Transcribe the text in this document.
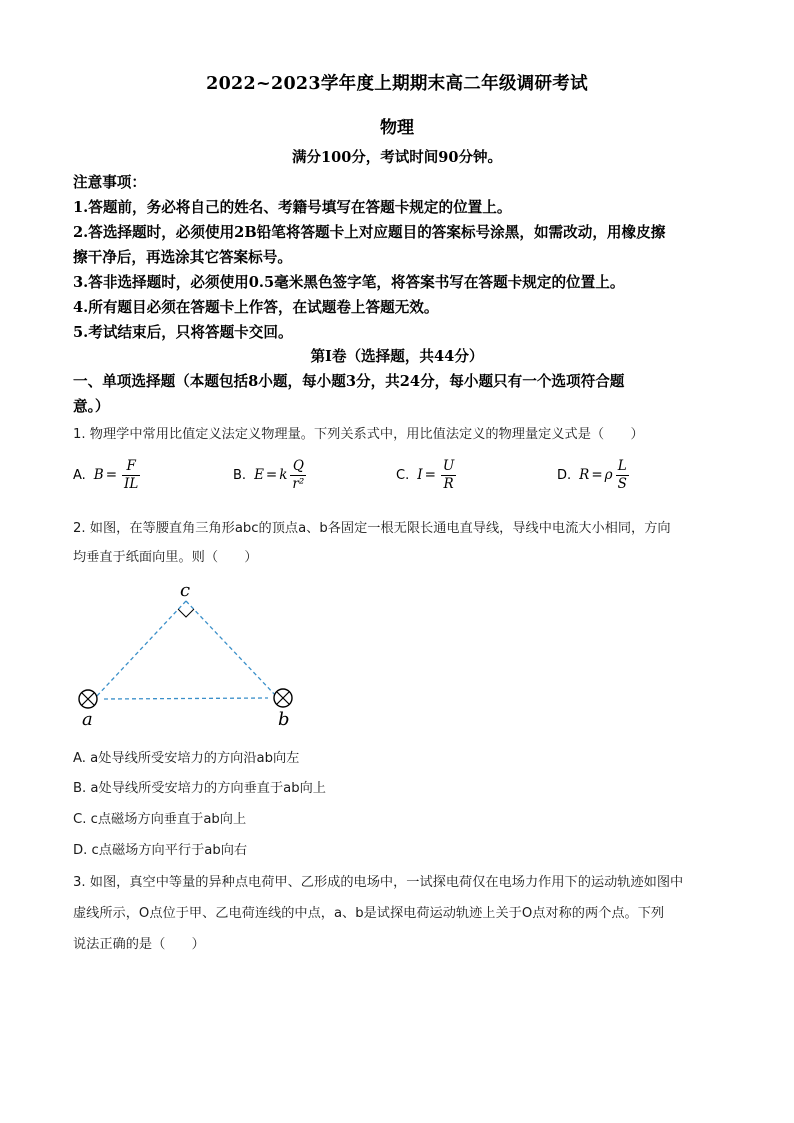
2022~2023学年度上期期末高二年级调研考试
物理
满分100分，考试时间90分钟。
注意事项：
1.答题前，务必将自己的姓名、考籍号填写在答题卡规定的位置上。
2.答选择题时，必须使用2B铅笔将答题卡上对应题目的答案标号涂黑，如需改动，用橡皮擦
擦干净后，再选涂其它答案标号。
3.答非选择题时，必须使用0.5毫米黑色签字笔，将答案书写在答题卡规定的位置上。
4.所有题目必须在答题卡上作答，在试题卷上答题无效。
5.考试结束后，只将答题卡交回。
第I卷（选择题，共44分）
一、单项选择题（本题包括8小题，每小题3分，共24分，每小题只有一个选项符合题
意。）
1. 物理学中常用比值定义法定义物理量。下列关系式中，用比值法定义的物理量定义式是（　　）
A. $B = \frac{F}{IL}$	B. E = k $\frac{Q}{\text{r²}}$	C. $I = \frac{U}{R}$	D. R = ρ $\frac{L}{S}$
2. 如图，在等腰直角三角形abc的顶点a、b各固定一根无限长通电直导线，导线中电流大小相同，方向
均垂直于纸面向里。则（　　）
c
a	b
A. a处导线所受安培力的方向沿ab向左
B. a处导线所受安培力的方向垂直于ab向上
C. c点磁场方向垂直于ab向上
D. c点磁场方向平行于ab向右
3. 如图，真空中等量的异种点电荷甲、乙形成的电场中，一试探电荷仅在电场力作用下的运动轨迹如图中
虚线所示，O点位于甲、乙电荷连线的中点，a、b是试探电荷运动轨迹上关于O点对称的两个点。下列
说法正确的是（　　）
